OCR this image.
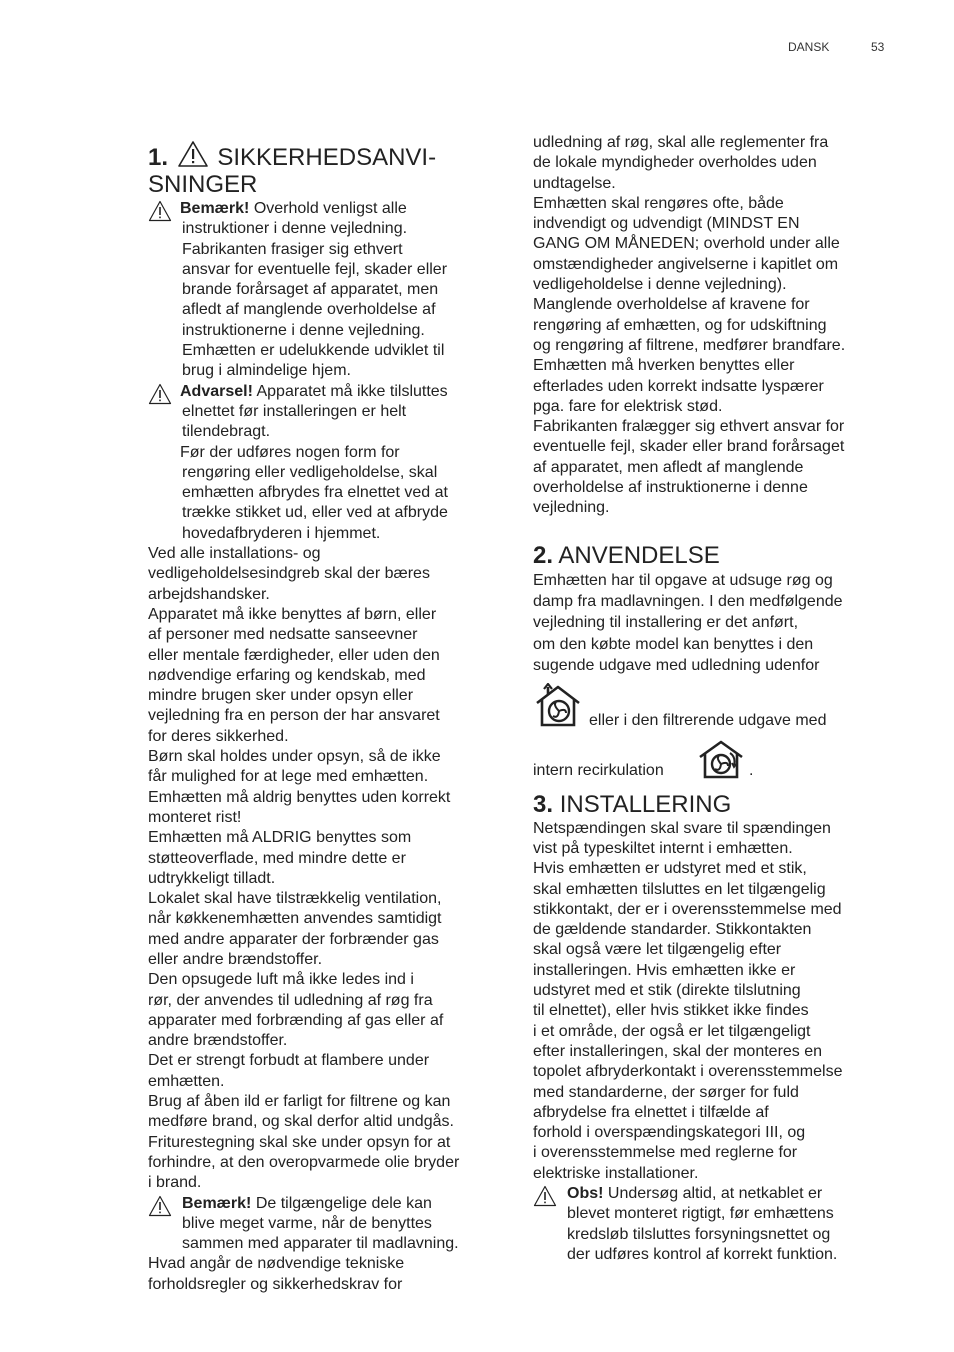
DANSK	53
1. SIKKERHEDSANVI-
SNINGER
Bemærk! Overhold venligst alle
instruktioner i denne vejledning.
Fabrikanten frasiger sig ethvert
ansvar for eventuelle fejl, skader eller
brande forårsaget af apparatet, men
afledt af manglende overholdelse af
instruktionerne i denne vejledning.
Emhætten er udelukkende udviklet til
brug i almindelige hjem.
Advarsel! Apparatet må ikke tilsluttes
elnettet før installeringen er helt
tilendebragt.
Før der udføres nogen form for
rengøring eller vedligeholdelse, skal
emhætten afbrydes fra elnettet ved at
trække stikket ud, eller ved at afbryde
hovedafbryderen i hjemmet.
Ved alle installations- og
vedligeholdelsesindgreb skal der bæres
arbejdshandsker.
Apparatet må ikke benyttes af børn, eller
af personer med nedsatte sanseevner
eller mentale færdigheder, eller uden den
nødvendige erfaring og kendskab, med
mindre brugen sker under opsyn eller
vejledning fra en person der har ansvaret
for deres sikkerhed.
Børn skal holdes under opsyn, så de ikke
får mulighed for at lege med emhætten.
Emhætten må aldrig benyttes uden korrekt
monteret rist!
Emhætten må ALDRIG benyttes som
støtteoverflade, med mindre dette er
udtrykkeligt tilladt.
Lokalet skal have tilstrækkelig ventilation,
når køkkenemhætten anvendes samtidigt
med andre apparater der forbrænder gas
eller andre brændstoffer.
Den opsugede luft må ikke ledes ind i
rør, der anvendes til udledning af røg fra
apparater med forbrænding af gas eller af
andre brændstoffer.
Det er strengt forbudt at flambere under
emhætten.
Brug af åben ild er farligt for filtrene og kan
medføre brand, og skal derfor altid undgås.
Friturestegning skal ske under opsyn for at
forhindre, at den overopvarmede olie bryder
i brand.
Bemærk! De tilgængelige dele kan
blive meget varme, når de benyttes
sammen med apparater til madlavning.
Hvad angår de nødvendige tekniske
forholdsregler og sikkerhedskrav for
udledning af røg, skal alle reglementer fra
de lokale myndigheder overholdes uden
undtagelse.
Emhætten skal rengøres ofte, både
indvendigt og udvendigt (MINDST EN
GANG OM MÅNEDEN; overhold under alle
omstændigheder angivelserne i kapitlet om
vedligeholdelse i denne vejledning).
Manglende overholdelse af kravene for
rengøring af emhætten, og for udskiftning
og rengøring af filtrene, medfører brandfare.
Emhætten må hverken benyttes eller
efterlades uden korrekt indsatte lyspærer
pga. fare for elektrisk stød.
Fabrikanten fralægger sig ethvert ansvar for
eventuelle fejl, skader eller brand forårsaget
af apparatet, men afledt af manglende
overholdelse af instruktionerne i denne
vejledning.
2. ANVENDELSE
Emhætten har til opgave at udsuge røg og
damp fra madlavningen. I den medfølgende
vejledning til installering er det anført,
om den købte model kan benyttes i den
sugende udgave med udledning udenfor
eller i den filtrerende udgave med
intern recirkulation	.
3. INSTALLERING
Netspændingen skal svare til spændingen
vist på typeskiltet internt i emhætten.
Hvis emhætten er udstyret med et stik,
skal emhætten tilsluttes en let tilgængelig
stikkontakt, der er i overensstemmelse med
de gældende standarder. Stikkontakten
skal også være let tilgængelig efter
installeringen. Hvis emhætten ikke er
udstyret med et stik (direkte tilslutning
til elnettet), eller hvis stikket ikke findes
i et område, der også er let tilgængeligt
efter installeringen, skal der monteres en
topolet afbryderkontakt i overensstemmelse
med standarderne, der sørger for fuld
afbrydelse fra elnettet i tilfælde af
forhold i overspændingskategori III, og
i overensstemmelse med reglerne for
elektriske installationer.
Obs! Undersøg altid, at netkablet er
blevet monteret rigtigt, før emhættens
kredsløb tilsluttes forsyningsnettet og
der udføres kontrol af korrekt funktion.
